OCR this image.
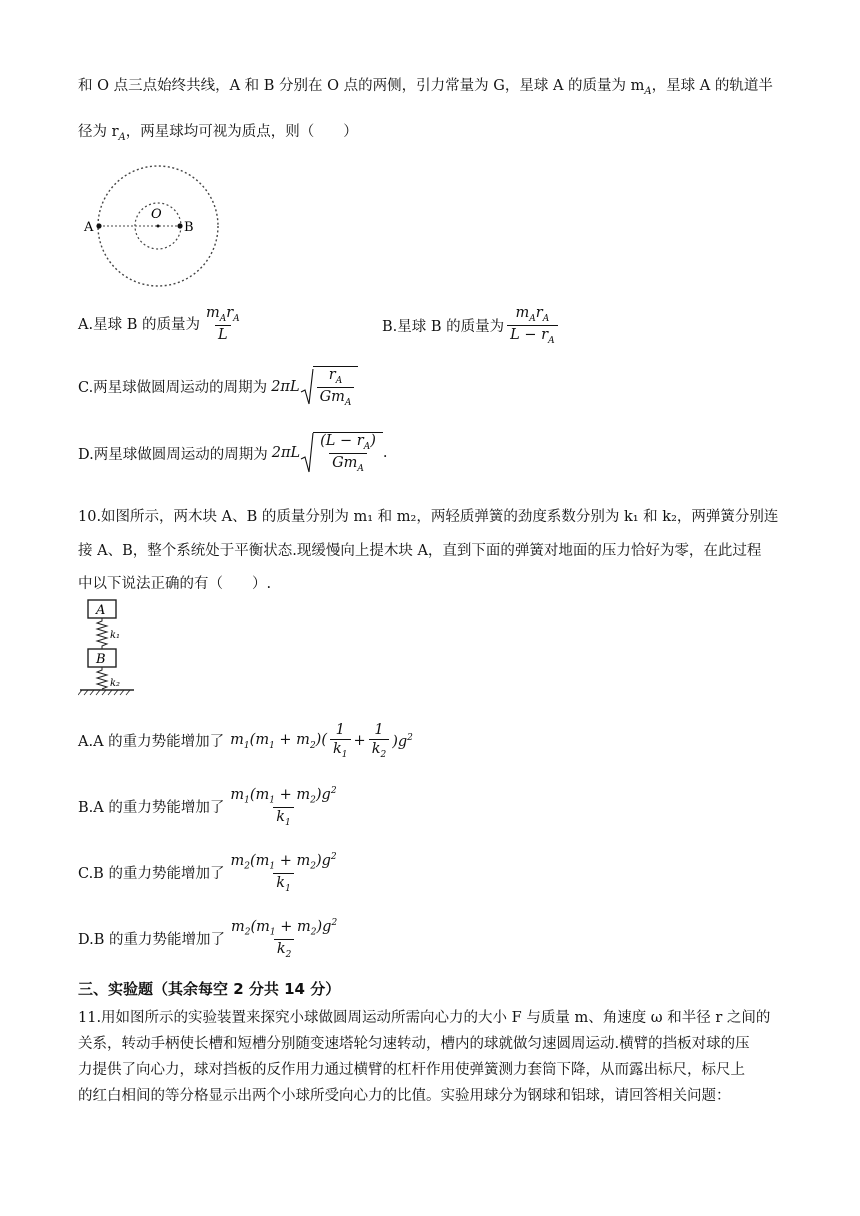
和 O 点三点始终共线，A 和 B 分别在 O 点的两侧，引力常量为 G，星球 A 的质量为 $m_A$，星球 A 的轨道半
径为 $r_A$，两星球均可视为质点，则（　　）
A
O
B
A.星球 B 的质量为 $\frac{m_Ar_A}{L}$	B.星球 B 的质量为 $\frac{m_Ar_A}{L - r_A}$
C.两星球做圆周运动的周期为 $2\pi L \frac{r_A}{Gm_A}$
D.两星球做圆周运动的周期为 $2\pi L \frac{(L - r_A)}{Gm_A}$ .
10.如图所示，两木块 A、B 的质量分别为 m₁ 和 m₂，两轻质弹簧的劲度系数分别为 k₁ 和 k₂，两弹簧分别连
接 A、B，整个系统处于平衡状态.现缓慢向上提木块 A，直到下面的弹簧对地面的压力恰好为零，在此过程
中以下说法正确的有（　　）.
A
k₁
B
k₂
A.A 的重力势能增加了 $m_1(m_1 + m_2)( \frac{1}{k_1} + \frac{1}{k_2} )g^2$
B.A 的重力势能增加了 $\frac{m_1(m_1 + m_2)g^2}{k_1}$
C.B 的重力势能增加了 $\frac{m_2(m_1 + m_2)g^2}{k_1}$
D.B 的重力势能增加了 $\frac{m_2(m_1 + m_2)g^2}{k_2}$
三、实验题（其余每空 2 分共 14 分）
11.用如图所示的实验装置来探究小球做圆周运动所需向心力的大小 F 与质量 m、角速度 ω 和半径 r 之间的
关系，转动手柄使长槽和短槽分别随变速塔轮匀速转动，槽内的球就做匀速圆周运动.横臂的挡板对球的压
力提供了向心力，球对挡板的反作用力通过横臂的杠杆作用使弹簧测力套筒下降，从而露出标尺，标尺上
的红白相间的等分格显示出两个小球所受向心力的比值。实验用球分为钢球和铝球，请回答相关问题：
